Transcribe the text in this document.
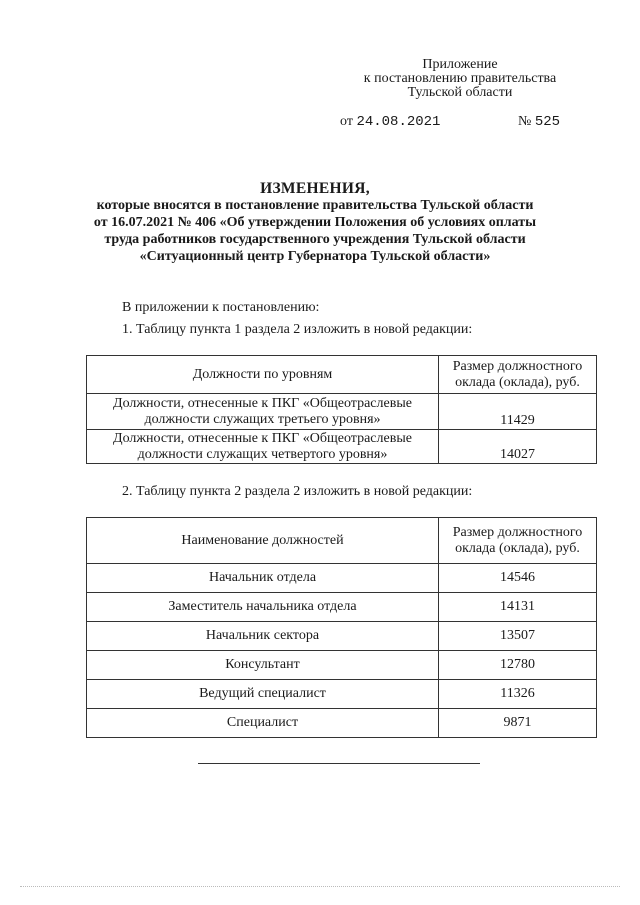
Приложение
к постановлению правительства
Тульской области
от 24.08.2021	№ 525
ИЗМЕНЕНИЯ,
которые вносятся в постановление правительства Тульской области
от 16.07.2021 № 406 «Об утверждении Положения об условиях оплаты
труда работников государственного учреждения Тульской области
«Ситуационный центр Губернатора Тульской области»
В приложении к постановлению:
1. Таблицу пункта 1 раздела 2 изложить в новой редакции:
Должности по уровням	Размер должностного оклада (оклада), руб.
Должности, отнесенные к ПКГ «Общеотраслевые должности служащих третьего уровня»	11429
Должности, отнесенные к ПКГ «Общеотраслевые должности служащих четвертого уровня»	14027
2. Таблицу пункта 2 раздела 2 изложить в новой редакции:
Наименование должностей	Размер должностного оклада (оклада), руб.
Начальник отдела	14546
Заместитель начальника отдела	14131
Начальник сектора	13507
Консультант	12780
Ведущий специалист	11326
Специалист	9871
